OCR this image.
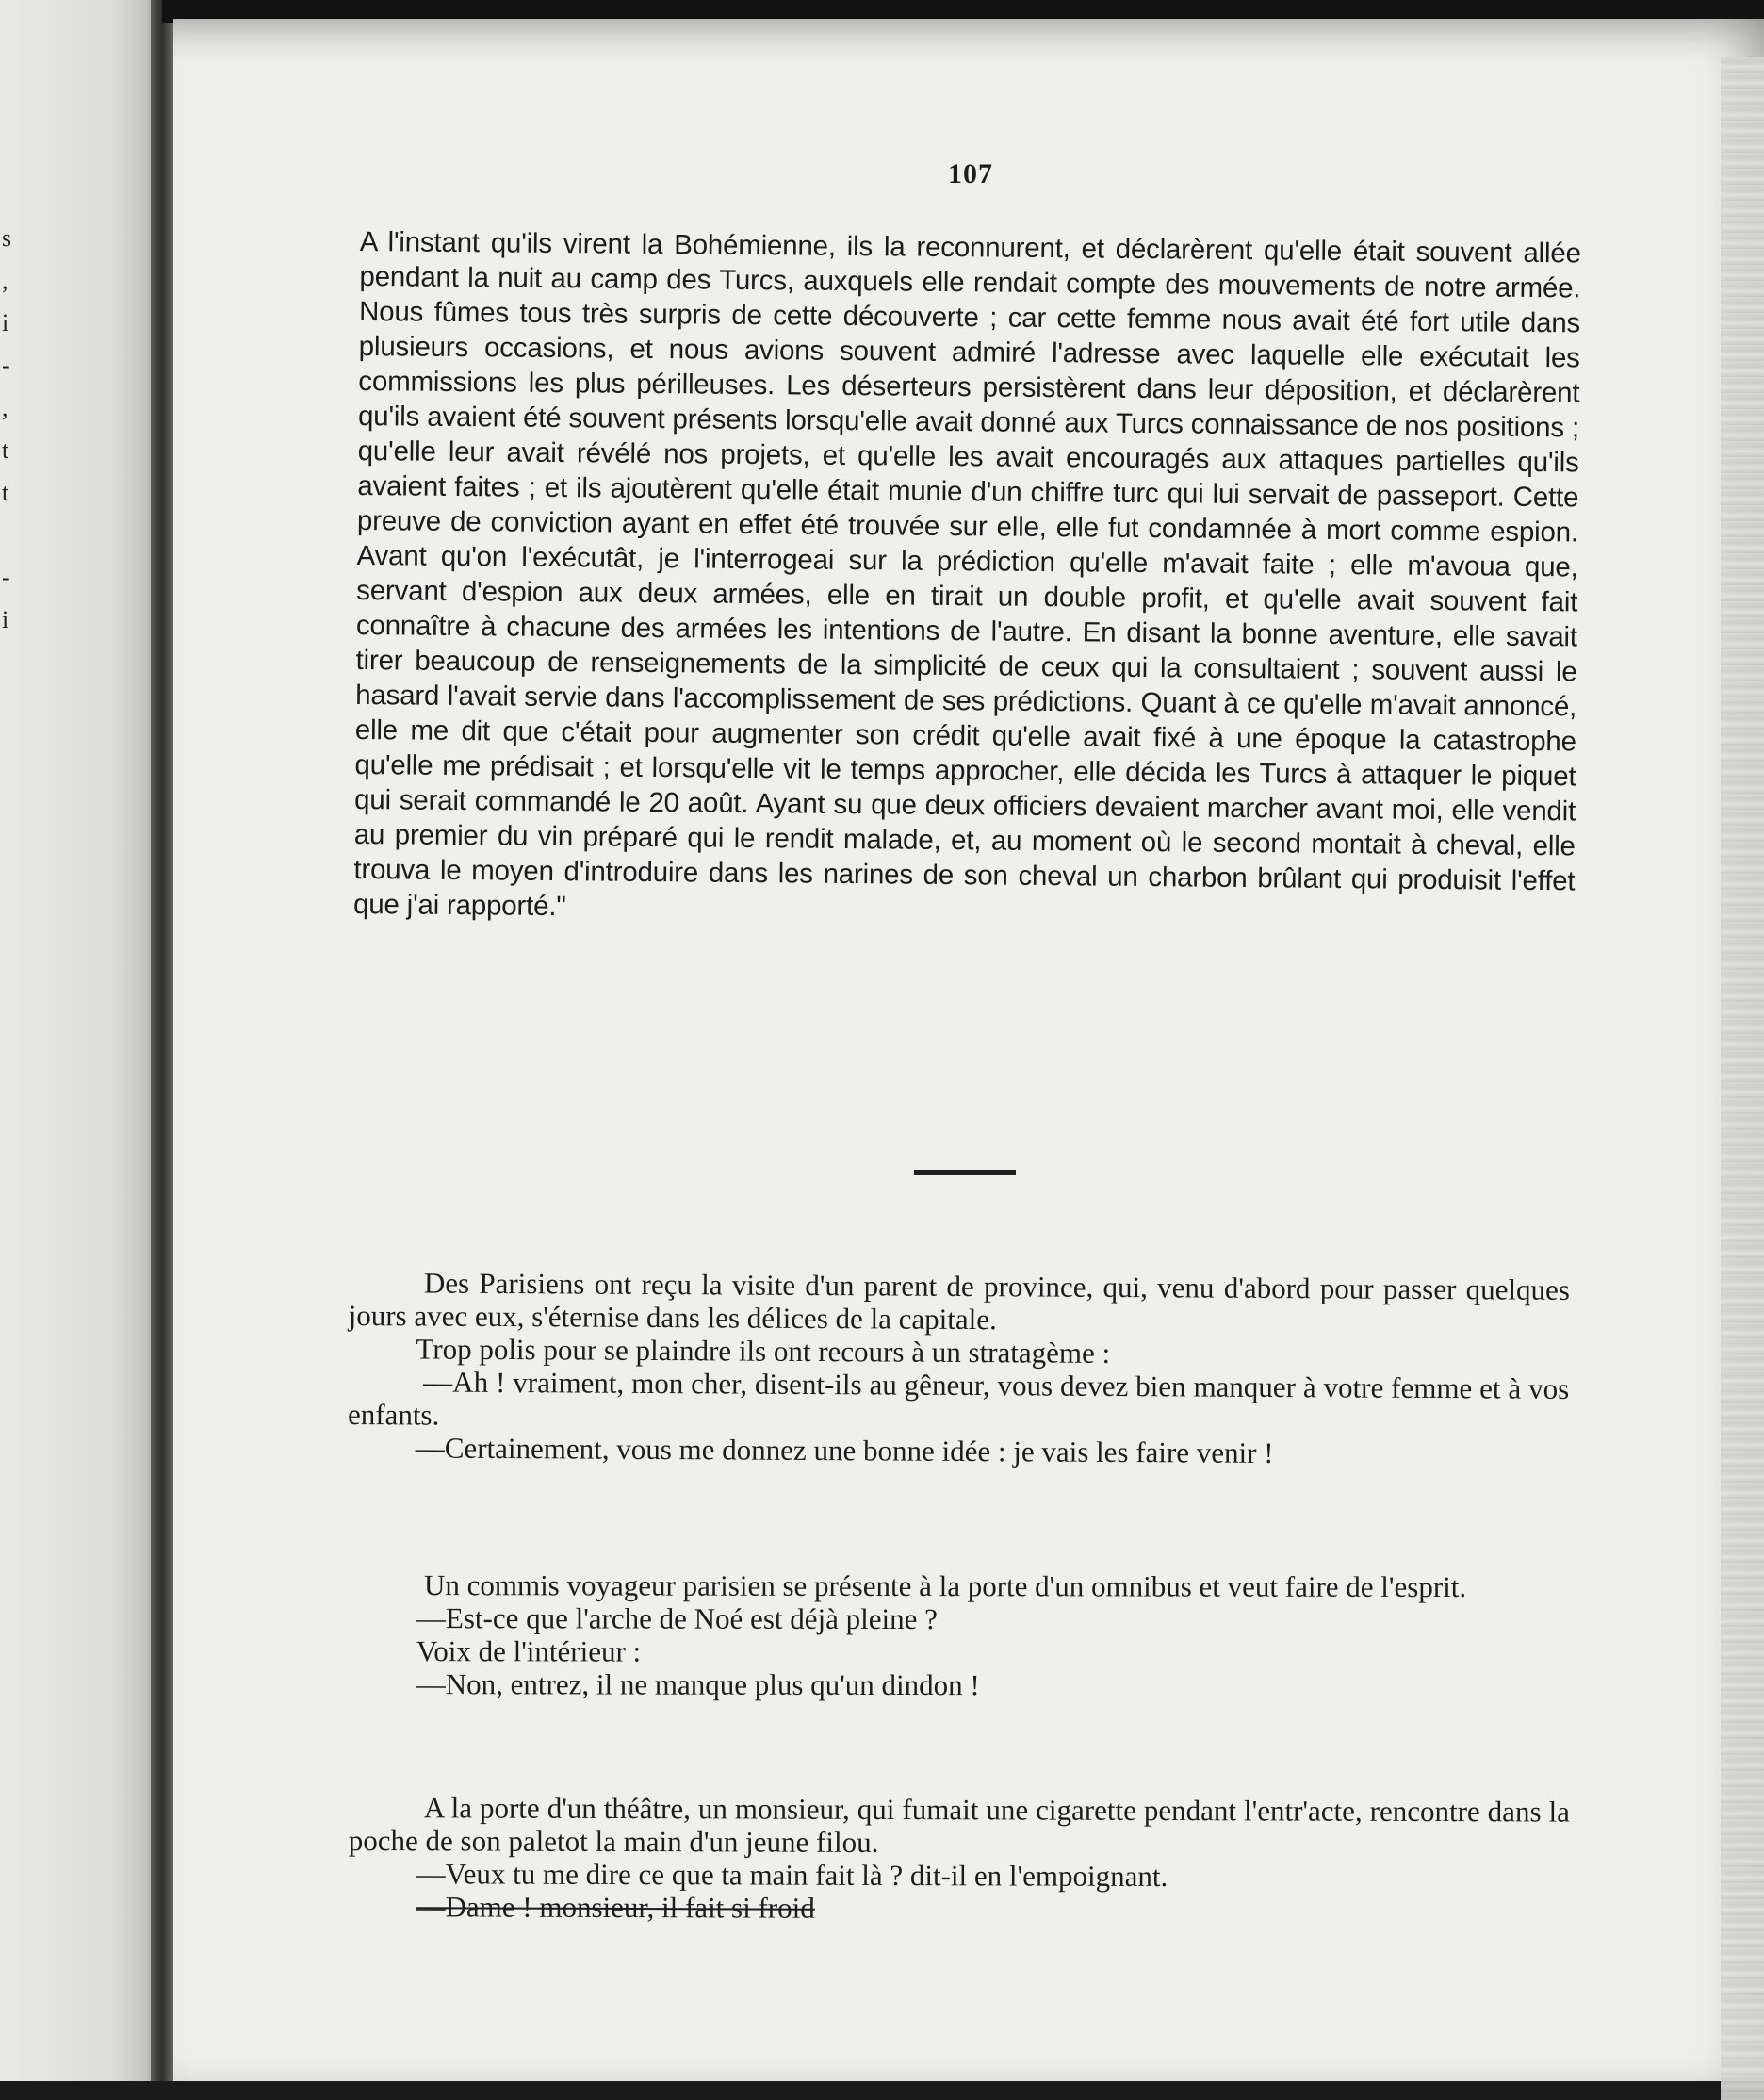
s
,
i
-
,
t
t

-
i
107

A l'instant qu'ils virent la Bohémienne, ils la reconnurent, et déclarèrent qu'elle était souvent allée pendant la nuit au camp des Turcs, auxquels elle rendait compte des mouvements de notre armée. Nous fûmes tous très surpris de cette découverte ; car cette femme nous avait été fort utile dans plusieurs occasions, et nous avions souvent admiré l'adresse avec laquelle elle exécutait les commissions les plus périlleuses. Les déserteurs persistèrent dans leur déposition, et déclarèrent qu'ils avaient été souvent présents lorsqu'elle avait donné aux Turcs connaissance de nos positions ; qu'elle leur avait révélé nos projets, et qu'elle les avait encouragés aux attaques partielles qu'ils avaient faites ; et ils ajoutèrent qu'elle était munie d'un chiffre turc qui lui servait de passeport. Cette preuve de conviction ayant en effet été trouvée sur elle, elle fut condamnée à mort comme espion. Avant qu'on l'exécutât, je l'interrogeai sur la prédiction qu'elle m'avait faite ; elle m'avoua que, servant d'espion aux deux armées, elle en tirait un double profit, et qu'elle avait souvent fait connaître à chacune des armées les intentions de l'autre. En disant la bonne aventure, elle savait tirer beaucoup de renseignements de la simplicité de ceux qui la consultaient ; souvent aussi le hasard l'avait servie dans l'accomplissement de ses prédictions. Quant à ce qu'elle m'avait annoncé, elle me dit que c'était pour augmenter son crédit qu'elle avait fixé à une époque la catastrophe qu'elle me prédisait ; et lorsqu'elle vit le temps approcher, elle décida les Turcs à attaquer le piquet qui serait commandé le 20 août. Ayant su que deux officiers devaient marcher avant moi, elle vendit au premier du vin préparé qui le rendit malade, et, au moment où le second montait à cheval, elle trouva le moyen d'introduire dans les narines de son cheval un charbon brûlant qui produisit l'effet que j'ai rapporté."

Des Parisiens ont reçu la visite d'un parent de province, qui, venu d'abord pour passer quelques jours avec eux, s'éternise dans les délices de la capitale.

Trop polis pour se plaindre ils ont recours à un stratagème :

—Ah ! vraiment, mon cher, disent-ils au gêneur, vous devez bien manquer à votre femme et à vos enfants.

—Certainement, vous me donnez une bonne idée : je vais les faire venir !

Un commis voyageur parisien se présente à la porte d'un omnibus et veut faire de l'esprit.

—Est-ce que l'arche de Noé est déjà pleine ?

Voix de l'intérieur :

—Non, entrez, il ne manque plus qu'un dindon !

A la porte d'un théâtre, un monsieur, qui fumait une cigarette pendant l'entr'acte, rencontre dans la poche de son paletot la main d'un jeune filou.

—Veux tu me dire ce que ta main fait là ? dit-il en l'empoignant.

—Dame ! monsieur, il fait si froid
